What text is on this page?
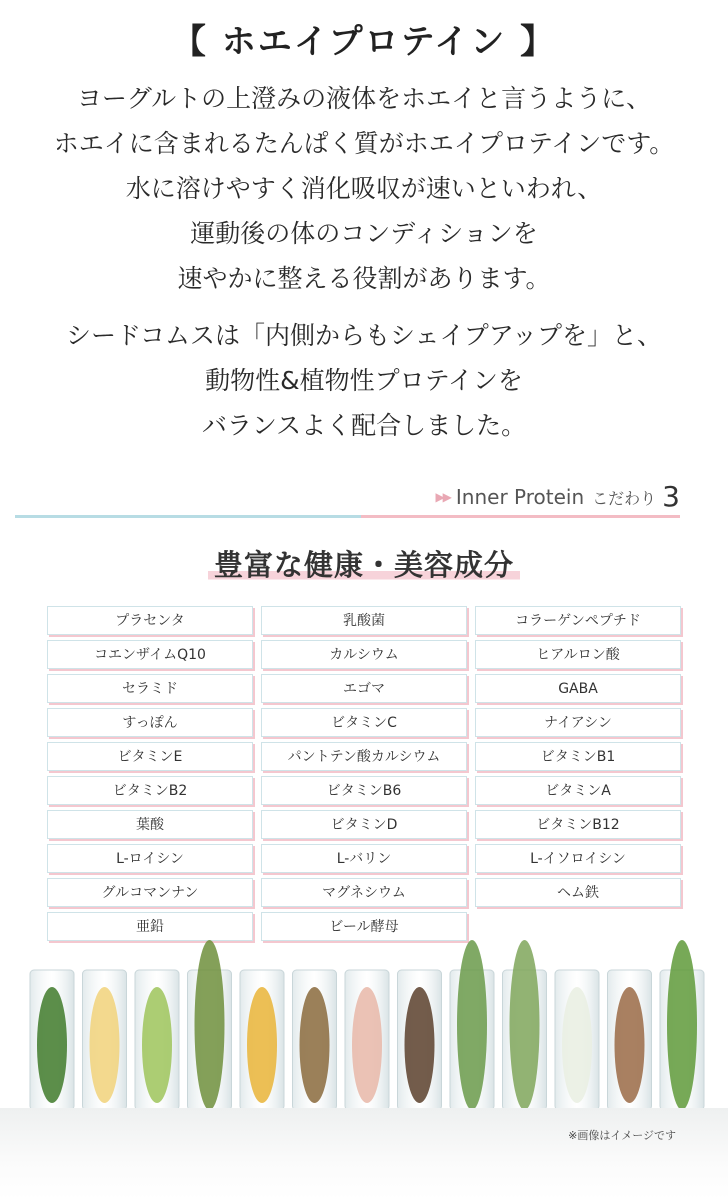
【 ホエイプロテイン 】

ヨーグルトの上澄みの液体をホエイと言うように、

ホエイに含まれるたんぱく質がホエイプロテインです。

水に溶けやすく消化吸収が速いといわれ、

運動後の体のコンディションを

速やかに整える役割があります。

シードコムスは「内側からもシェイプアップを」と、

動物性&植物性プロテインを

バランスよく配合しました。

▶▶ Inner Protein こだわり 3
豊富な健康・美容成分
プラセンタ	乳酸菌	コラーゲンペプチド
コエンザイムQ10	カルシウム	ヒアルロン酸
セラミド	エゴマ	GABA
すっぽん	ビタミンC	ナイアシン
ビタミンE	パントテン酸カルシウム	ビタミンB1
ビタミンB2	ビタミンB6	ビタミンA
葉酸	ビタミンD	ビタミンB12
L-ロイシン	L-バリン	L-イソロイシン
グルコマンナン	マグネシウム	ヘム鉄
亜鉛	ビール酵母
※画像はイメージです
